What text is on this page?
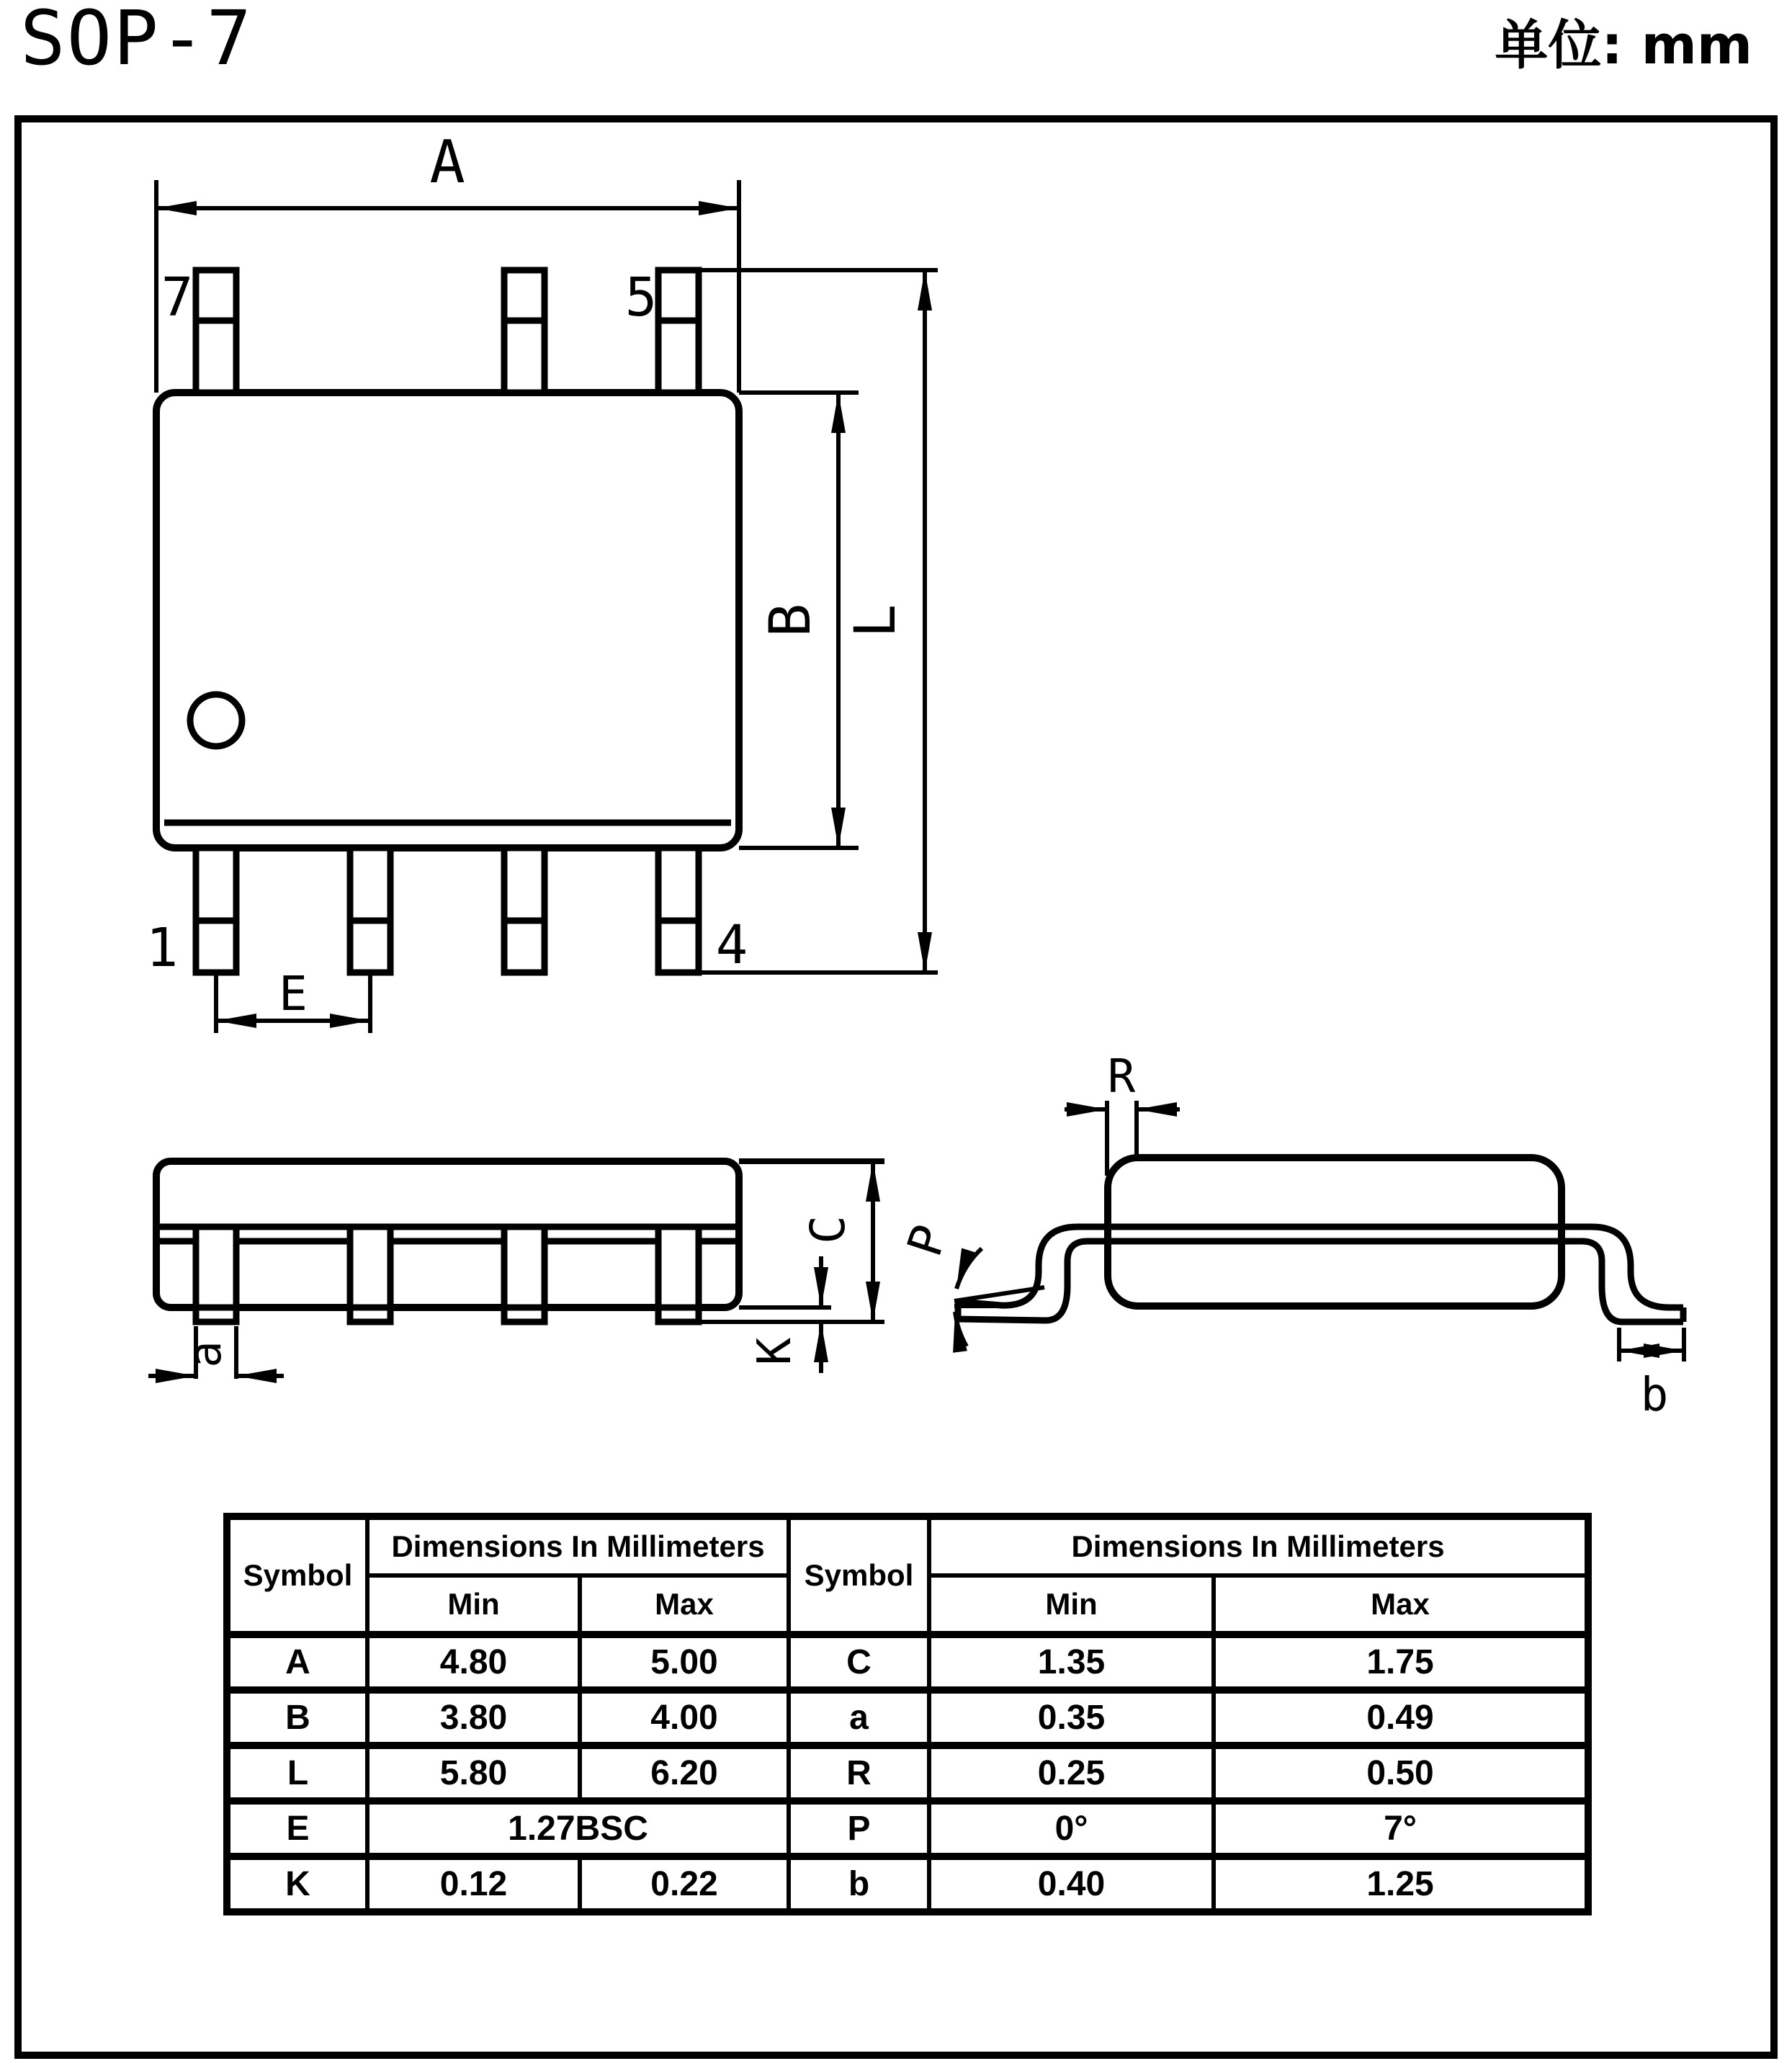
SOP-7	单位: mm
A
B L
E
7	5
1	4
a
C
K
R
P
b
Symbol	Dimensions In Millimeters		Symbol	Dimensions In Millimeters	
	Min	Max		Min	Max
A	4.80	5.00	C	1.35	1.75
B	3.80	4.00	a	0.35	0.49
L	5.80	6.20	R	0.25	0.50
E	1.27BSC		P	0°	7°
K	0.12	0.22	b	0.40	1.25
